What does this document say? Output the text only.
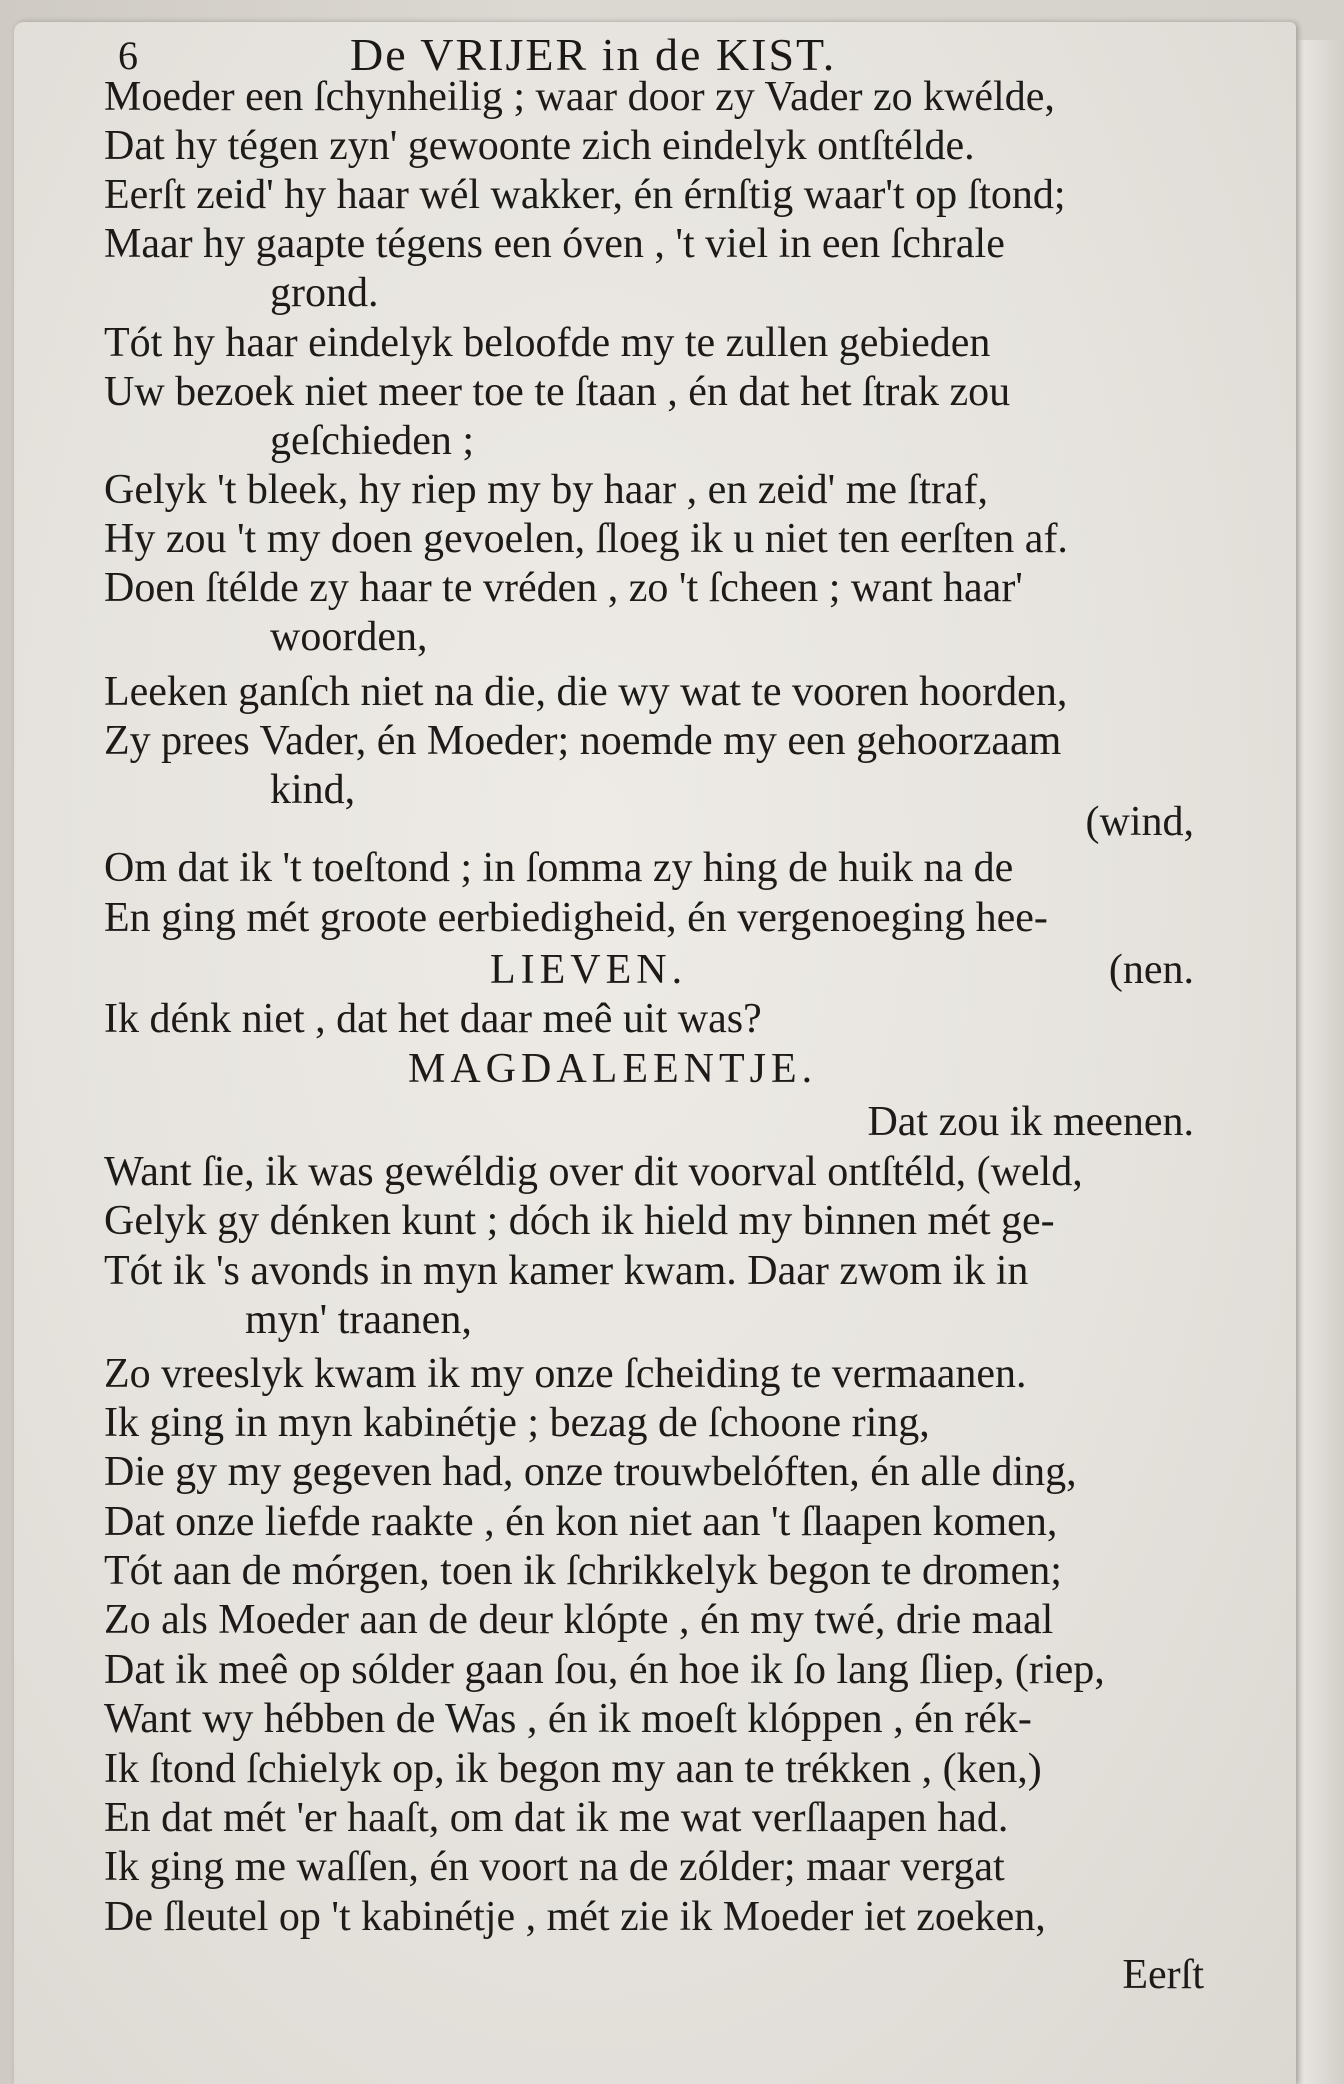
6	De VRIJER in de KIST.
Moeder een ſchynheilig ; waar door zy Vader zo kwélde,
Dat hy tégen zyn' gewoonte zich eindelyk ontſtélde.
Eerſt zeid' hy haar wél wakker, én érnſtig waar't op ſtond;
Maar hy gaapte tégens een óven , 't viel in een ſchrale
grond.
Tót hy haar eindelyk beloofde my te zullen gebieden
Uw bezoek niet meer toe te ſtaan , én dat het ſtrak zou
geſchieden ;
Gelyk 't bleek, hy riep my by haar , en zeid' me ſtraf,
Hy zou 't my doen gevoelen, ſloeg ik u niet ten eerſten af.
Doen ſtélde zy haar te vréden , zo 't ſcheen ; want haar'
woorden,
Leeken ganſch niet na die, die wy wat te vooren hoorden,
Zy prees Vader, én Moeder; noemde my een gehoorzaam
kind,
(wind,
Om dat ik 't toeſtond ; in ſomma zy hing de huik na de
En ging mét groote eerbiedigheid, én vergenoeging hee-
LIEVEN.	(nen.
Ik dénk niet , dat het daar meê uit was?
MAGDALEENTJE.
Dat zou ik meenen.
Want ſie, ik was gewéldig over dit voorval ontſtéld, (weld,
Gelyk gy dénken kunt ; dóch ik hield my binnen mét ge-
Tót ik 's avonds in myn kamer kwam. Daar zwom ik in
myn' traanen,
Zo vreeslyk kwam ik my onze ſcheiding te vermaanen.
Ik ging in myn kabinétje ; bezag de ſchoone ring,
Die gy my gegeven had, onze trouwbelóften, én alle ding,
Dat onze liefde raakte , én kon niet aan 't ſlaapen komen,
Tót aan de mórgen, toen ik ſchrikkelyk begon te dromen;
Zo als Moeder aan de deur klópte , én my twé, drie maal
Dat ik meê op sólder gaan ſou, én hoe ik ſo lang ſliep, (riep,
Want wy hébben de Was , én ik moeſt klóppen , én rék-
Ik ſtond ſchielyk op, ik begon my aan te trékken , (ken,)
En dat mét 'er haaſt, om dat ik me wat verſlaapen had.
Ik ging me waſſen, én voort na de zólder; maar vergat
De ſleutel op 't kabinétje , mét zie ik Moeder iet zoeken,
Eerſt
